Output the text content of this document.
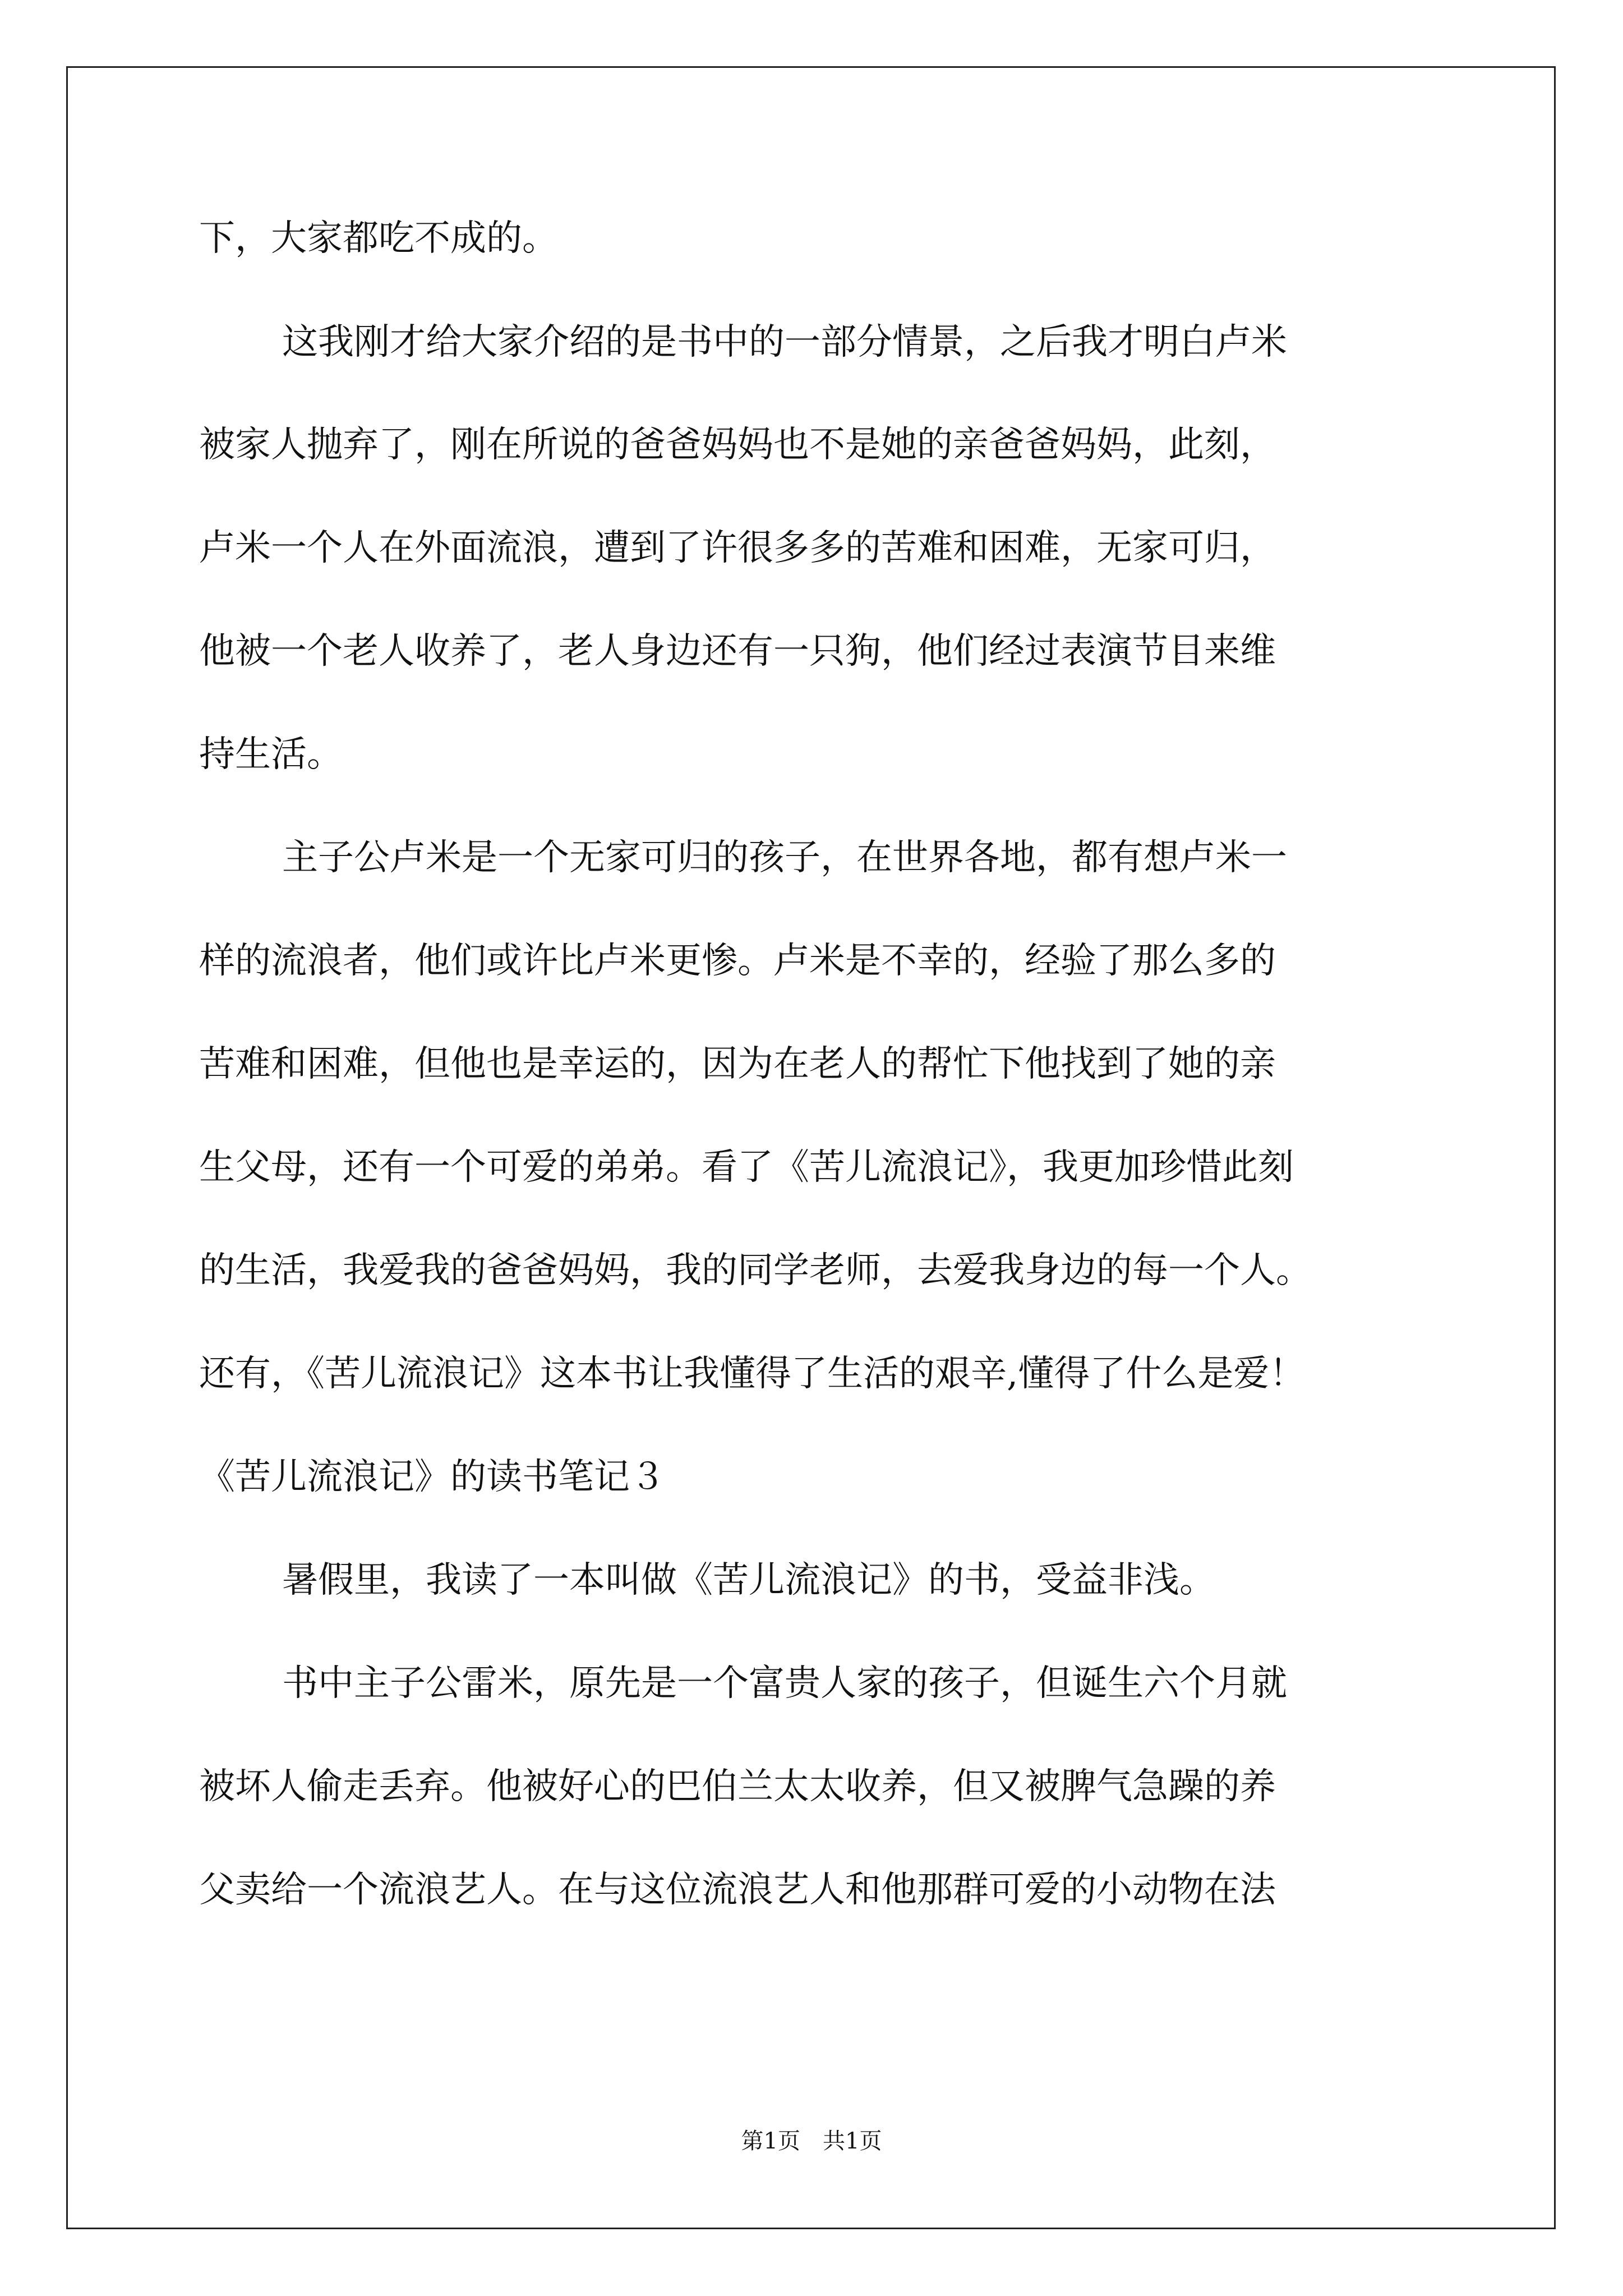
下，大家都吃不成的。
这我刚才给大家介绍的是书中的一部分情景，之后我才明白卢米
被家人抛弃了，刚在所说的爸爸妈妈也不是她的亲爸爸妈妈，此刻，
卢米一个人在外面流浪，遭到了许很多多的苦难和困难，无家可归，
他被一个老人收养了，老人身边还有一只狗，他们经过表演节目来维
持生活。
主子公卢米是一个无家可归的孩子，在世界各地，都有想卢米一
样的流浪者，他们或许比卢米更惨。卢米是不幸的，经验了那么多的
苦难和困难，但他也是幸运的，因为在老人的帮忙下他找到了她的亲
生父母，还有一个可爱的弟弟。看了《苦儿流浪记》，我更加珍惜此刻
的生活，我爱我的爸爸妈妈，我的同学老师，去爱我身边的每一个人。
还有，《苦儿流浪记》这本书让我懂得了生活的艰辛,懂得了什么是爱！
《苦儿流浪记》的读书笔记３
暑假里，我读了一本叫做《苦儿流浪记》的书，受益非浅。
书中主子公雷米，原先是一个富贵人家的孩子，但诞生六个月就
被坏人偷走丢弃。他被好心的巴伯兰太太收养，但又被脾气急躁的养
父卖给一个流浪艺人。在与这位流浪艺人和他那群可爱的小动物在法
第1页　共1页
